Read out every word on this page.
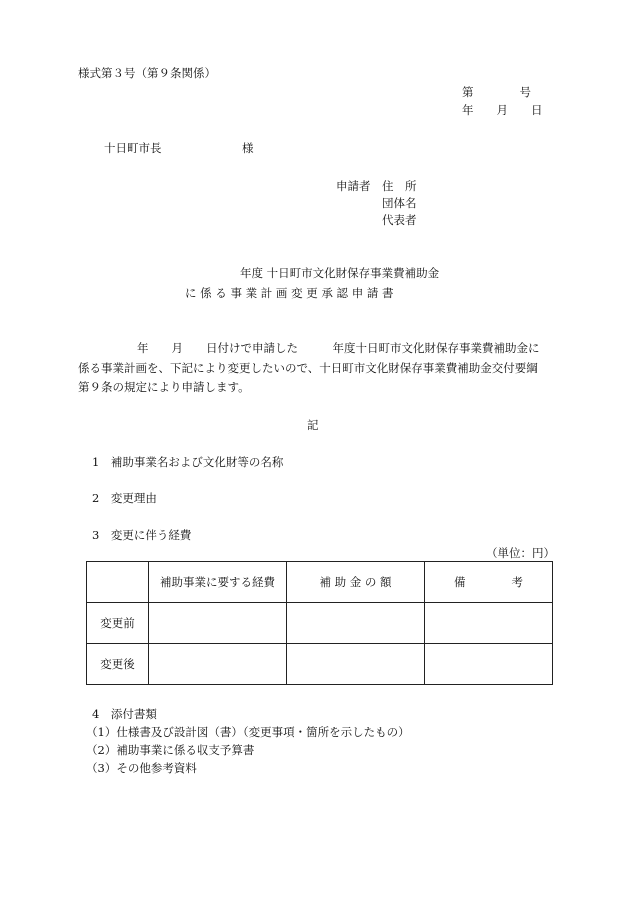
様式第３号（第９条関係）
第　　　　号
年　　月　　日
十日町市長　　　　　　　様
申請者 住　所
団体名
代表者
年度 十日町市文化財保存事業費補助金
に 係 る 事 業 計 画 変 更 承 認 申 請 書
年　　月　　日付けで申請した　　　年度十日町市文化財保存事業費補助金に
係る事業計画を、下記により変更したいので、十日町市文化財保存事業費補助金交付要綱
第９条の規定により申請します。
記
1　補助事業名および文化財等の名称
2　変更理由
3　変更に伴う経費
（単位：円）
	補助事業に要する経費	補 助 金 の 額	備　　　　考
変更前			
変更後			
4　添付書類
（1）仕様書及び設計図（書）（変更事項・箇所を示したもの）
（2）補助事業に係る収支予算書
（3）その他参考資料
